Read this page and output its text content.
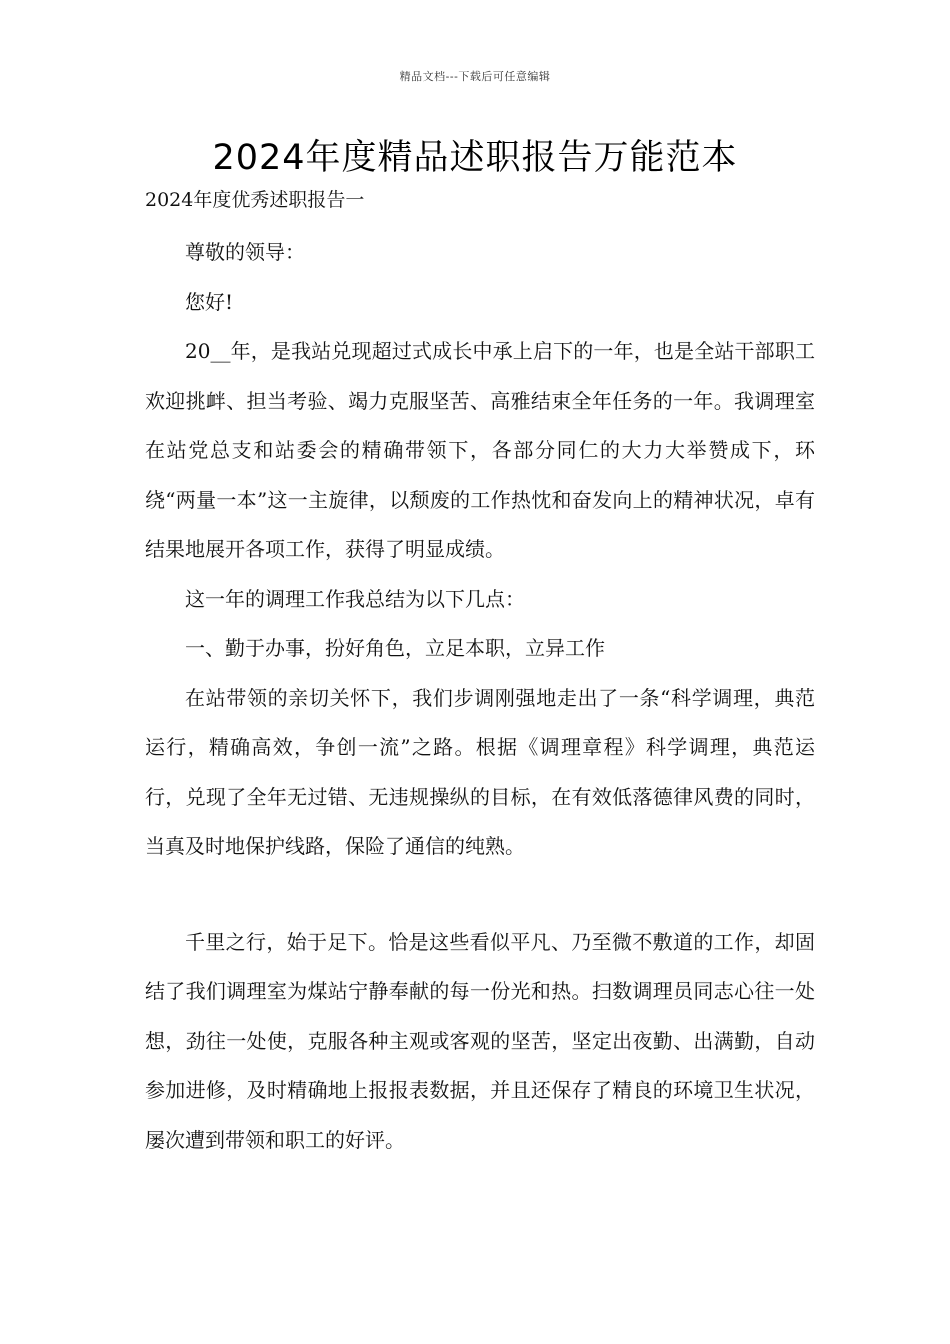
精品文档---下载后可任意编辑
2024年度精品述职报告万能范本
2024年度优秀述职报告一

尊敬的领导：

您好!

20__年，是我站兑现超过式成长中承上启下的一年，也是全站干部职工欢迎挑衅、担当考验、竭力克服坚苦、高雅结束全年任务的一年。我调理室在站党总支和站委会的精确带领下，各部分同仁的大力大举赞成下，环绕“两量一本”这一主旋律，以颓废的工作热忱和奋发向上的精神状况，卓有结果地展开各项工作，获得了明显成绩。

这一年的调理工作我总结为以下几点：

一、勤于办事，扮好角色，立足本职，立异工作

在站带领的亲切关怀下，我们步调刚强地走出了一条“科学调理，典范运行，精确高效，争创一流”之路。根据《调理章程》科学调理，典范运行，兑现了全年无过错、无违规操纵的目标，在有效低落德律风费的同时，当真及时地保护线路，保险了通信的纯熟。

千里之行，始于足下。恰是这些看似平凡、乃至微不敷道的工作，却固结了我们调理室为煤站宁静奉献的每一份光和热。扫数调理员同志心往一处想，劲往一处使，克服各种主观或客观的坚苦，坚定出夜勤、出满勤，自动参加进修，及时精确地上报报表数据，并且还保存了精良的环境卫生状况，屡次遭到带领和职工的好评。
